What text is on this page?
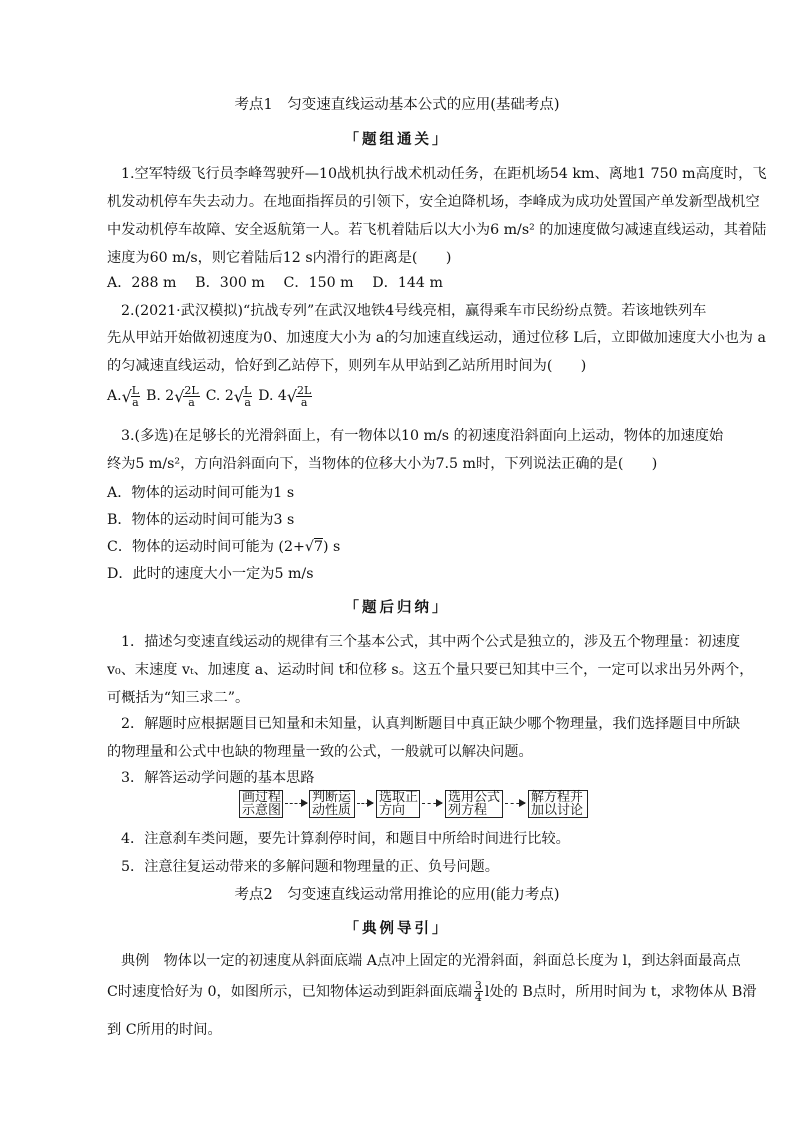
考点1　匀变速直线运动基本公式的应用(基础考点)
「题组通关」
1.空军特级飞行员李峰驾驶歼—10战机执行战术机动任务，在距机场54 km、离地1 750 m高度时，飞
机发动机停车失去动力。在地面指挥员的引领下，安全迫降机场，李峰成为成功处置国产单发新型战机空
中发动机停车故障、安全返航第一人。若飞机着陆后以大小为6 m/s² 的加速度做匀减速直线运动，其着陆
速度为60 m/s，则它着陆后12 s内滑行的距离是(　　)
A．288 m　 B．300 m　 C．150 m　 D．144 m
2.(2021·武汉模拟)“抗战专列”在武汉地铁4号线亮相，赢得乘车市民纷纷点赞。若该地铁列车
先从甲站开始做初速度为0、加速度大小为 a的匀加速直线运动，通过位移 L后，立即做加速度大小也为 a
的匀减速直线运动，恰好到乙站停下，则列车从甲站到乙站所用时间为(　　)
A. √ $\frac{L}{a} B$. 2 √ $\frac{2L}{a} C$. 2 √ $\frac{L}{a} D$. 4 √ $\frac{2L}{a}$
3.(多选)在足够长的光滑斜面上，有一物体以10 m/s 的初速度沿斜面向上运动，物体的加速度始
终为5 m/s²，方向沿斜面向下，当物体的位移大小为7.5 m时，下列说法正确的是(　　)
A．物体的运动时间可能为1 s
B．物体的运动时间可能为3 s
C．物体的运动时间可能为 (2+√7) s
D．此时的速度大小一定为5 m/s
「题后归纳」
1．描述匀变速直线运动的规律有三个基本公式，其中两个公式是独立的，涉及五个物理量：初速度
v₀、末速度 vₜ、加速度 a、运动时间 t和位移 s。这五个量只要已知其中三个，一定可以求出另外两个，
可概括为“知三求二”。
2．解题时应根据题目已知量和未知量，认真判断题目中真正缺少哪个物理量，我们选择题目中所缺
的物理量和公式中也缺的物理量一致的公式，一般就可以解决问题。
3．解答运动学问题的基本思路
画过程
示意图
判断运
动性质
选取正
方向
选用公式
列方程
解方程并
加以讨论
4．注意刹车类问题，要先计算刹停时间，和题目中所给时间进行比较。
5．注意往复运动带来的多解问题和物理量的正、负号问题。
考点2　匀变速直线运动常用推论的应用(能力考点)
「典例导引」
典例　物体以一定的初速度从斜面底端 A点冲上固定的光滑斜面，斜面总长度为 l，到达斜面最高点
C时速度恰好为 0，如图所示，已知物体运动到距斜面底端 $\frac{3}{4}$ l处的 B点时，所用时间为 t，求物体从 B滑
到 C所用的时间。
